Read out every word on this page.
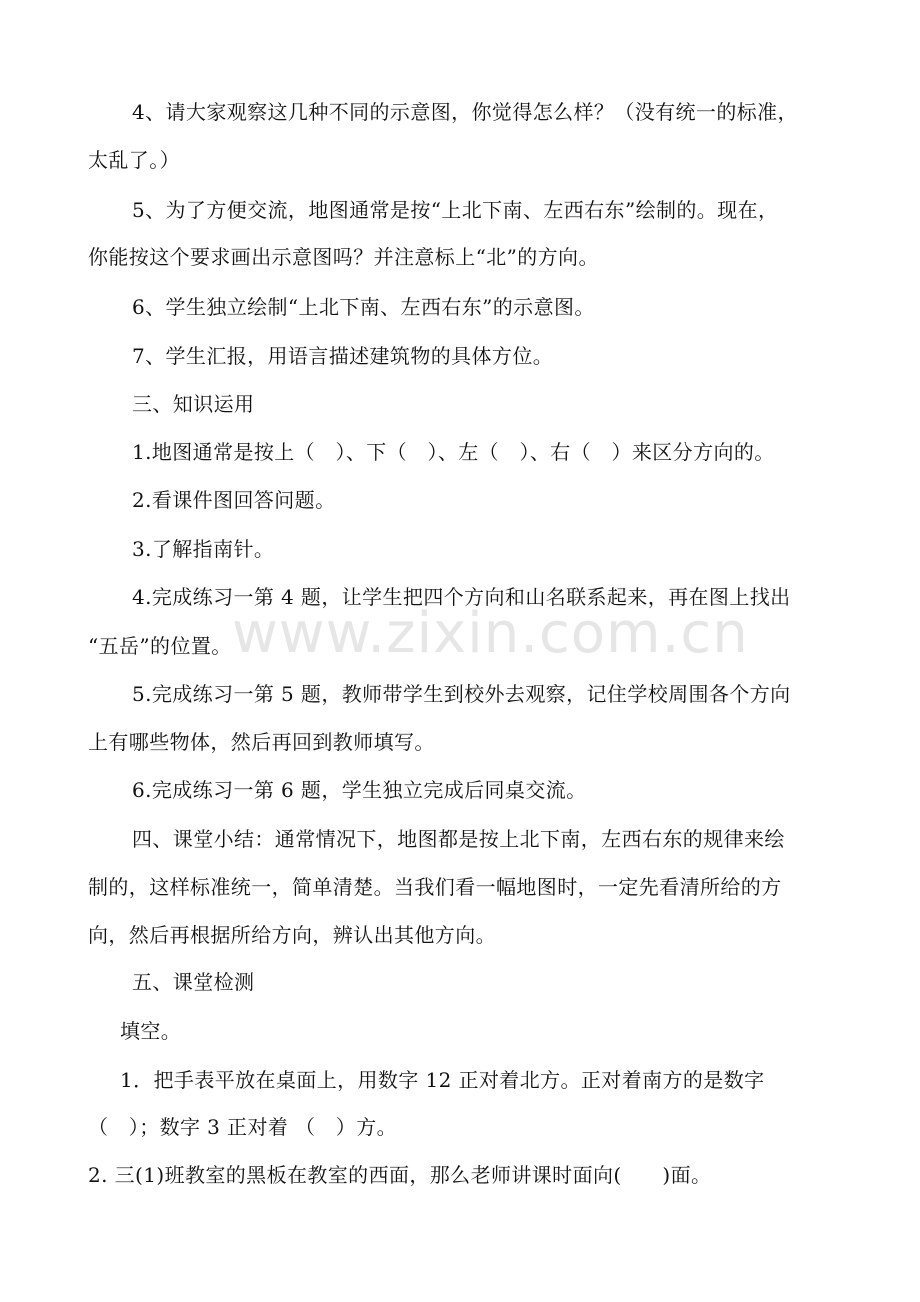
4、请大家观察这几种不同的示意图，你觉得怎么样？（没有统一的标准，
太乱了。）
5、为了方便交流，地图通常是按“上北下南、左西右东”绘制的。现在，
你能按这个要求画出示意图吗？并注意标上“北”的方向。
6、学生独立绘制“上北下南、左西右东”的示意图。
7、学生汇报，用语言描述建筑物的具体方位。
三、知识运用
1.地图通常是按上（　）、下（　）、左（　）、右（　）来区分方向的。
2.看课件图回答问题。
3.了解指南针。
4.完成练习一第 4 题，让学生把四个方向和山名联系起来，再在图上找出
“五岳”的位置。
5.完成练习一第 5 题，教师带学生到校外去观察，记住学校周围各个方向
上有哪些物体，然后再回到教师填写。
6.完成练习一第 6 题，学生独立完成后同桌交流。
四、课堂小结：通常情况下，地图都是按上北下南，左西右东的规律来绘
制的，这样标准统一，简单清楚。当我们看一幅地图时，一定先看清所给的方
向，然后再根据所给方向，辨认出其他方向。
五、课堂检测
填空。
1．把手表平放在桌面上，用数字 12 正对着北方。正对着南方的是数字
（　）；数字 3 正对着 （　）方。
2. 三(1)班教室的黑板在教室的西面，那么老师讲课时面向(　　)面。
www.zixin.com.cn
